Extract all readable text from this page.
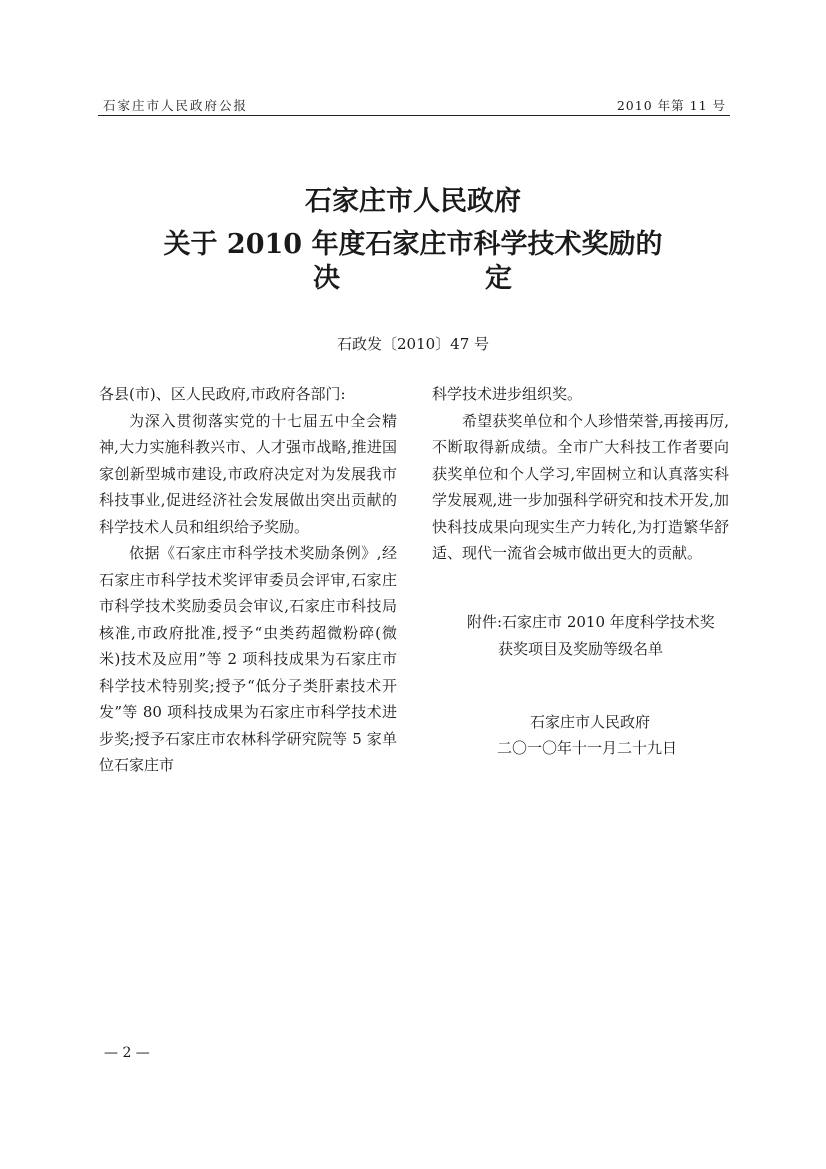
石家庄市人民政府公报	2010 年第 11 号
石家庄市人民政府
关于 2010 年度石家庄市科学技术奖励的
决	定
石政发〔2010〕47 号

各县(市)、区人民政府,市政府各部门:

为深入贯彻落实党的十七届五中全会精神,大力实施科教兴市、人才强市战略,推进国家创新型城市建设,市政府决定对为发展我市科技事业,促进经济社会发展做出突出贡献的科学技术人员和组织给予奖励。

依据《石家庄市科学技术奖励条例》,经石家庄市科学技术奖评审委员会评审,石家庄市科学技术奖励委员会审议,石家庄市科技局核准,市政府批准,授予“虫类药超微粉碎(微米)技术及应用”等 2 项科技成果为石家庄市科学技术特别奖;授予“低分子类肝素技术开发”等 80 项科技成果为石家庄市科学技术进步奖;授予石家庄市农林科学研究院等 5 家单位石家庄市

科学技术进步组织奖。

希望获奖单位和个人珍惜荣誉,再接再厉,不断取得新成绩。全市广大科技工作者要向获奖单位和个人学习,牢固树立和认真落实科学发展观,进一步加强科学研究和技术开发,加快科技成果向现实生产力转化,为打造繁华舒适、现代一流省会城市做出更大的贡献。

附件:石家庄市 2010 年度科学技术奖
获奖项目及奖励等级名单
石家庄市人民政府
二〇一〇年十一月二十九日
— 2 —
